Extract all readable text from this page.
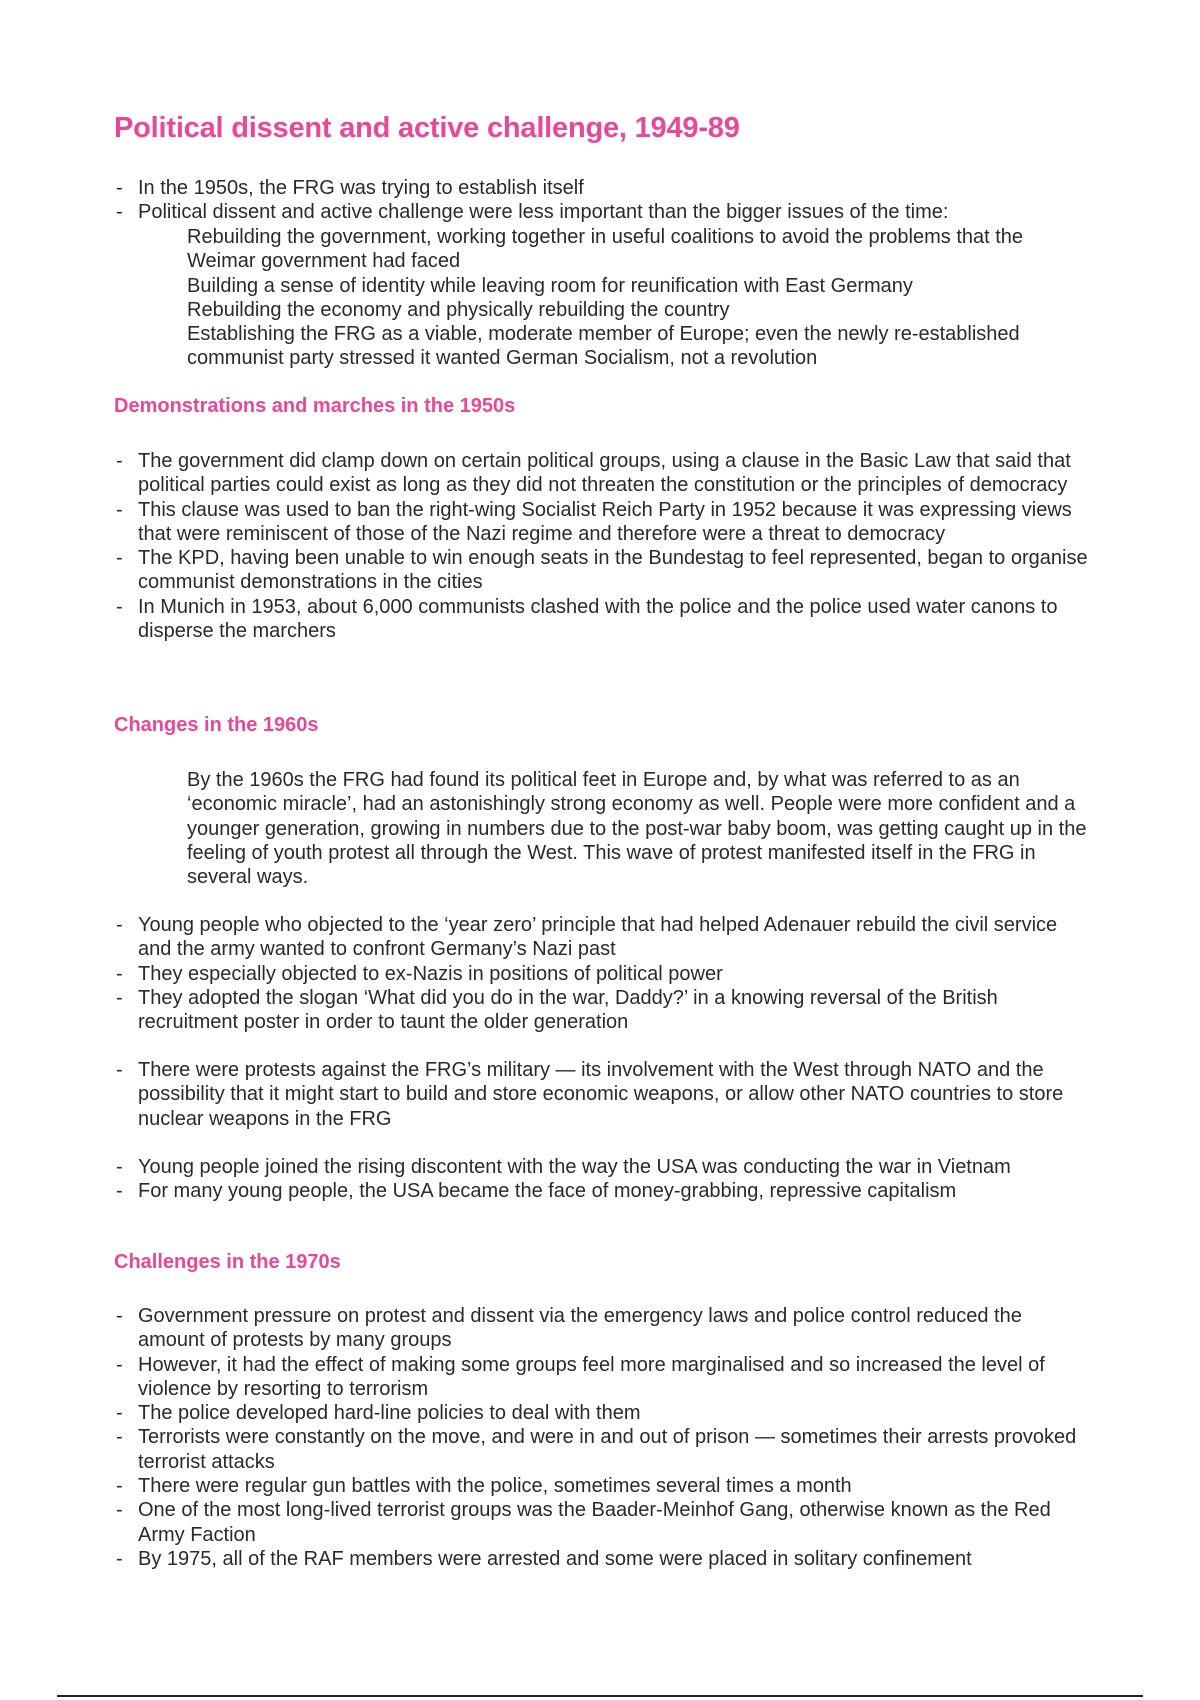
Political dissent and active challenge, 1949-89
- In the 1950s, the FRG was trying to establish itself
- Political dissent and active challenge were less important than the bigger issues of the time:
Rebuilding the government, working together in useful coalitions to avoid the problems that the Weimar government had faced
Building a sense of identity while leaving room for reunification with East Germany
Rebuilding the economy and physically rebuilding the country
Establishing the FRG as a viable, moderate member of Europe; even the newly re-established communist party stressed it wanted German Socialism, not a revolution
Demonstrations and marches in the 1950s
- The government did clamp down on certain political groups, using a clause in the Basic Law that said that political parties could exist as long as they did not threaten the constitution or the principles of democracy
- This clause was used to ban the right-wing Socialist Reich Party in 1952 because it was expressing views that were reminiscent of those of the Nazi regime and therefore were a threat to democracy
- The KPD, having been unable to win enough seats in the Bundestag to feel represented, began to organise communist demonstrations in the cities
- In Munich in 1953, about 6,000 communists clashed with the police and the police used water canons to disperse the marchers
Changes in the 1960s

By the 1960s the FRG had found its political feet in Europe and, by what was referred to as an ‘economic miracle’, had an astonishingly strong economy as well. People were more confident and a younger generation, growing in numbers due to the post-war baby boom, was getting caught up in the feeling of youth protest all through the West. This wave of protest manifested itself in the FRG in several ways.

- Young people who objected to the ‘year zero’ principle that had helped Adenauer rebuild the civil service and the army wanted to confront Germany’s Nazi past
- They especially objected to ex-Nazis in positions of political power
- They adopted the slogan ‘What did you do in the war, Daddy?’ in a knowing reversal of the British recruitment poster in order to taunt the older generation
- There were protests against the FRG’s military — its involvement with the West through NATO and the possibility that it might start to build and store economic weapons, or allow other NATO countries to store nuclear weapons in the FRG
- Young people joined the rising discontent with the way the USA was conducting the war in Vietnam
- For many young people, the USA became the face of money-grabbing, repressive capitalism
Challenges in the 1970s
- Government pressure on protest and dissent via the emergency laws and police control reduced the amount of protests by many groups
- However, it had the effect of making some groups feel more marginalised and so increased the level of violence by resorting to terrorism
- The police developed hard-line policies to deal with them
- Terrorists were constantly on the move, and were in and out of prison — sometimes their arrests provoked terrorist attacks
- There were regular gun battles with the police, sometimes several times a month
- One of the most long-lived terrorist groups was the Baader-Meinhof Gang, otherwise known as the Red Army Faction
- By 1975, all of the RAF members were arrested and some were placed in solitary confinement
